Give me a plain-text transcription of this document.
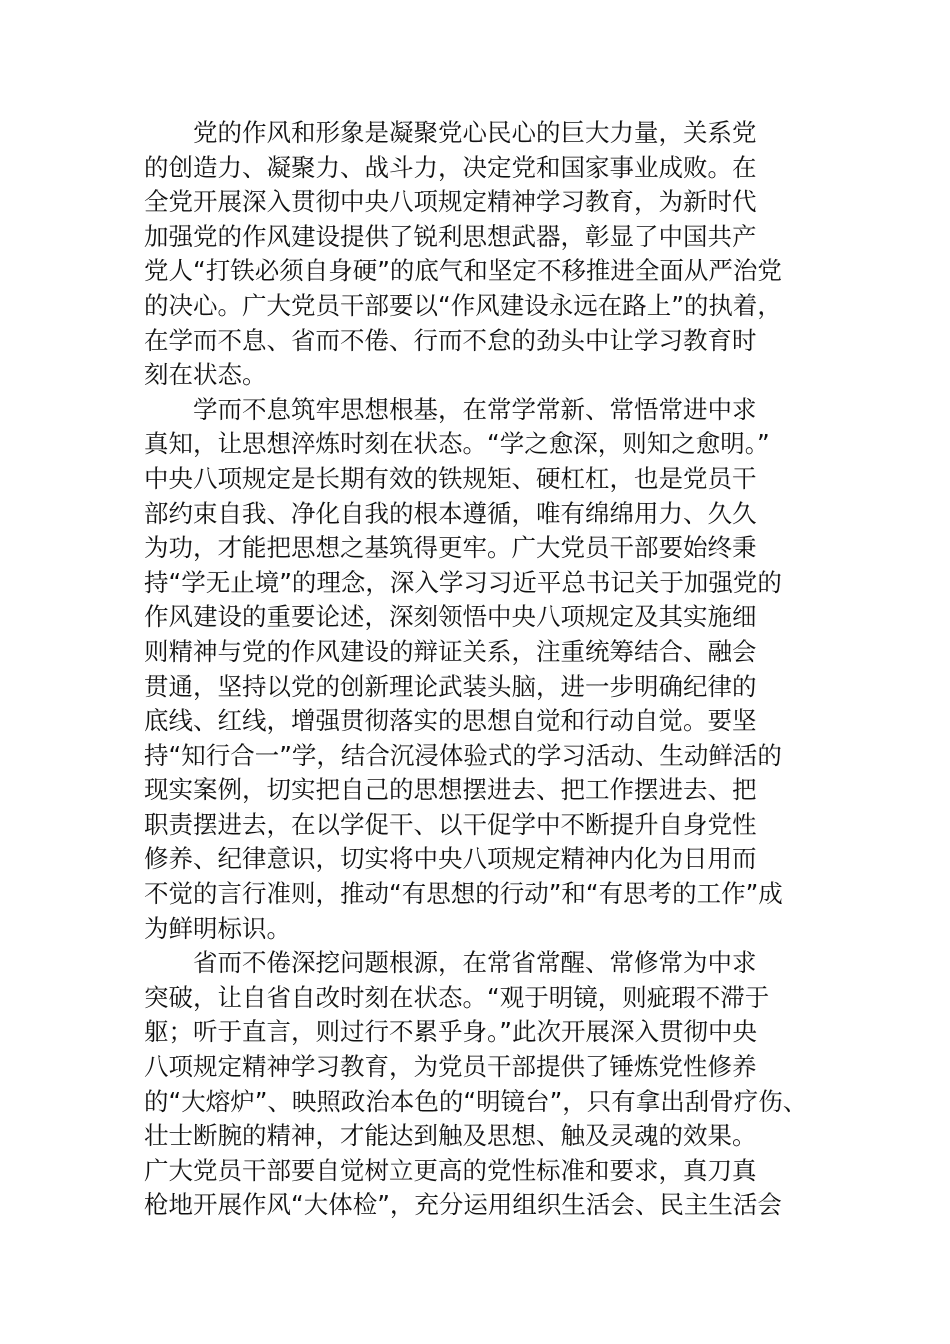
党的作风和形象是凝聚党心民心的巨大力量，关系党
的创造力、凝聚力、战斗力，决定党和国家事业成败。在
全党开展深入贯彻中央八项规定精神学习教育，为新时代
加强党的作风建设提供了锐利思想武器，彰显了中国共产
党人“打铁必须自身硬”的底气和坚定不移推进全面从严治党
的决心。广大党员干部要以“作风建设永远在路上”的执着，
在学而不息、省而不倦、行而不怠的劲头中让学习教育时
刻在状态。
学而不息筑牢思想根基，在常学常新、常悟常进中求
真知，让思想淬炼时刻在状态。“学之愈深，则知之愈明。”
中央八项规定是长期有效的铁规矩、硬杠杠，也是党员干
部约束自我、净化自我的根本遵循，唯有绵绵用力、久久
为功，才能把思想之基筑得更牢。广大党员干部要始终秉
持“学无止境”的理念，深入学习习近平总书记关于加强党的
作风建设的重要论述，深刻领悟中央八项规定及其实施细
则精神与党的作风建设的辩证关系，注重统筹结合、融会
贯通，坚持以党的创新理论武装头脑，进一步明确纪律的
底线、红线，增强贯彻落实的思想自觉和行动自觉。要坚
持“知行合一”学，结合沉浸体验式的学习活动、生动鲜活的
现实案例，切实把自己的思想摆进去、把工作摆进去、把
职责摆进去，在以学促干、以干促学中不断提升自身党性
修养、纪律意识，切实将中央八项规定精神内化为日用而
不觉的言行准则，推动“有思想的行动”和“有思考的工作”成
为鲜明标识。
省而不倦深挖问题根源，在常省常醒、常修常为中求
突破，让自省自改时刻在状态。“观于明镜，则疵瑕不滞于
躯；听于直言，则过行不累乎身。”此次开展深入贯彻中央
八项规定精神学习教育，为党员干部提供了锤炼党性修养
的“大熔炉”、映照政治本色的“明镜台”，只有拿出刮骨疗伤、
壮士断腕的精神，才能达到触及思想、触及灵魂的效果。
广大党员干部要自觉树立更高的党性标准和要求，真刀真
枪地开展作风“大体检”，充分运用组织生活会、民主生活会
